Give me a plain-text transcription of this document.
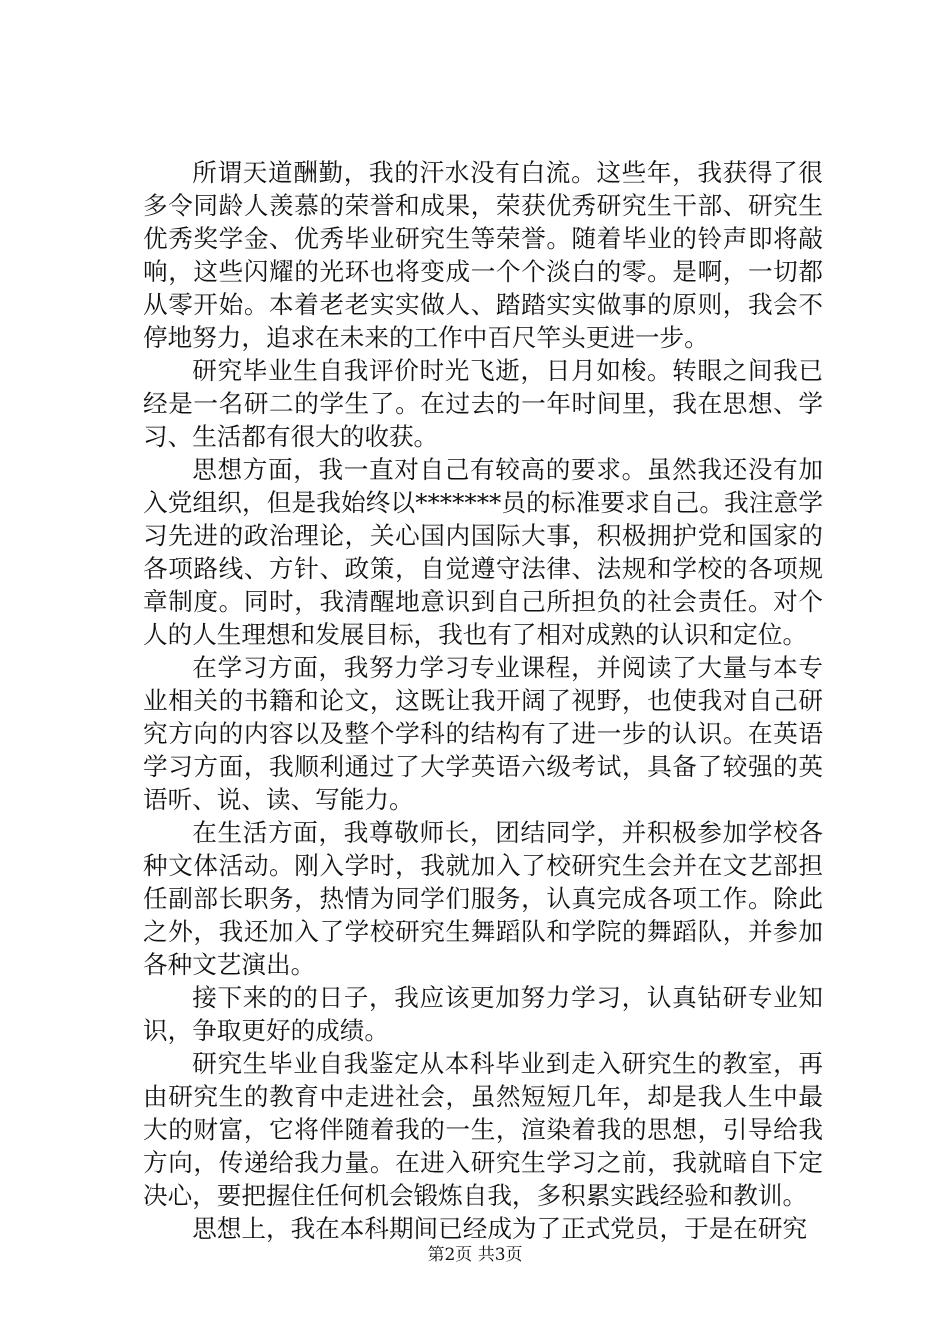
所谓天道酬勤，我的汗水没有白流。这些年，我获得了很多令同龄人羡慕的荣誉和成果，荣获优秀研究生干部、研究生优秀奖学金、优秀毕业研究生等荣誉。随着毕业的铃声即将敲响，这些闪耀的光环也将变成一个个淡白的零。是啊，一切都从零开始。本着老老实实做人、踏踏实实做事的原则，我会不停地努力，追求在未来的工作中百尺竿头更进一步。

研究毕业生自我评价时光飞逝，日月如梭。转眼之间我已经是一名研二的学生了。在过去的一年时间里，我在思想、学习、生活都有很大的收获。

思想方面，我一直对自己有较高的要求。虽然我还没有加入党组织，但是我始终以*******员的标准要求自己。我注意学习先进的政治理论，关心国内国际大事，积极拥护党和国家的各项路线、方针、政策，自觉遵守法律、法规和学校的各项规章制度。同时，我清醒地意识到自己所担负的社会责任。对个人的人生理想和发展目标，我也有了相对成熟的认识和定位。

在学习方面，我努力学习专业课程，并阅读了大量与本专业相关的书籍和论文，这既让我开阔了视野，也使我对自己研究方向的内容以及整个学科的结构有了进一步的认识。在英语学习方面，我顺利通过了大学英语六级考试，具备了较强的英语听、说、读、写能力。

在生活方面，我尊敬师长，团结同学，并积极参加学校各种文体活动。刚入学时，我就加入了校研究生会并在文艺部担任副部长职务，热情为同学们服务，认真完成各项工作。除此之外，我还加入了学校研究生舞蹈队和学院的舞蹈队，并参加各种文艺演出。

接下来的的日子，我应该更加努力学习，认真钻研专业知识，争取更好的成绩。

研究生毕业自我鉴定从本科毕业到走入研究生的教室，再由研究生的教育中走进社会，虽然短短几年，却是我人生中最大的财富，它将伴随着我的一生，渲染着我的思想，引导给我方向，传递给我力量。在进入研究生学习之前，我就暗自下定决心，要把握住任何机会锻炼自我，多积累实践经验和教训。

思想上，我在本科期间已经成为了正式党员，于是在研究

第2页 共3页
